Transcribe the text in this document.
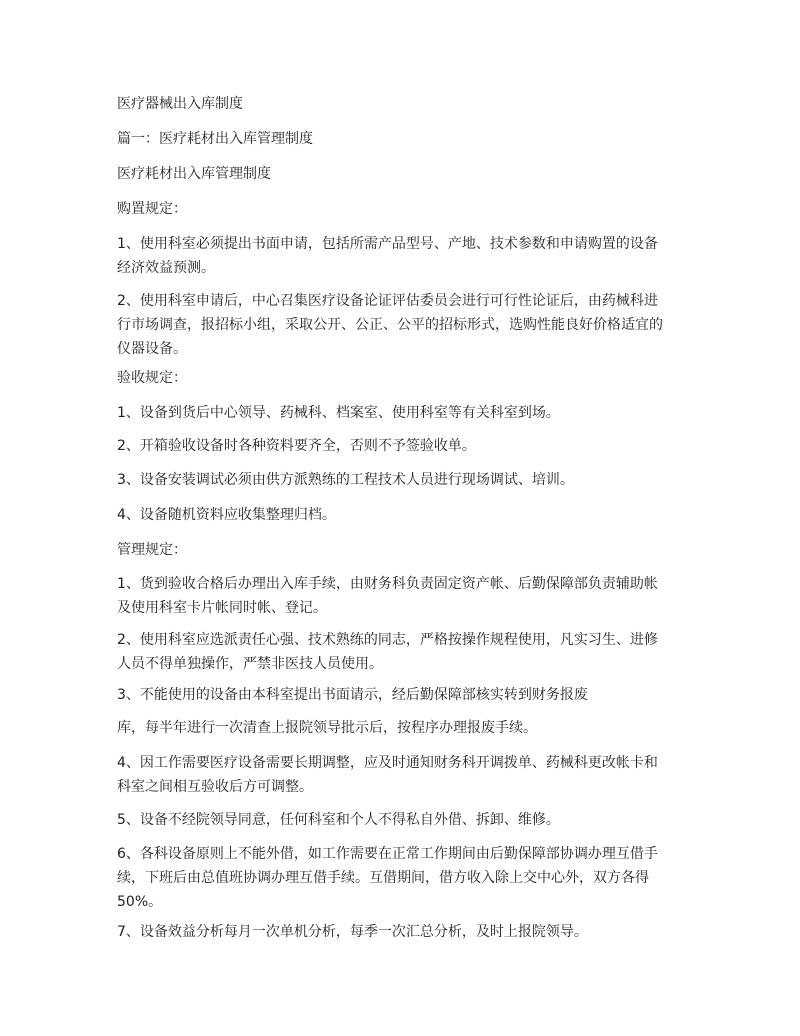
医疗器械出入库制度
篇一：医疗耗材出入库管理制度
医疗耗材出入库管理制度
购置规定：
1、使用科室必须提出书面申请，包括所需产品型号、产地、技术参数和申请购置的设备
经济效益预测。
2、使用科室申请后，中心召集医疗设备论证评估委员会进行可行性论证后，由药械科进
行市场调查，报招标小组，采取公开、公正、公平的招标形式，选购性能良好价格适宜的
仪器设备。
验收规定：
1、设备到货后中心领导、药械科、档案室、使用科室等有关科室到场。
2、开箱验收设备时各种资料要齐全，否则不予签验收单。
3、设备安装调试必须由供方派熟练的工程技术人员进行现场调试、培训。
4、设备随机资料应收集整理归档。
管理规定：
1、货到验收合格后办理出入库手续，由财务科负责固定资产帐、后勤保障部负责辅助帐
及使用科室卡片帐同时帐、登记。
2、使用科室应选派责任心强、技术熟练的同志，严格按操作规程使用，凡实习生、进修
人员不得单独操作，严禁非医技人员使用。
3、不能使用的设备由本科室提出书面请示，经后勤保障部核实转到财务报废
库，每半年进行一次清查上报院领导批示后，按程序办理报废手续。
4、因工作需要医疗设备需要长期调整，应及时通知财务科开调拨单、药械科更改帐卡和
科室之间相互验收后方可调整。
5、设备不经院领导同意，任何科室和个人不得私自外借、拆卸、维修。
6、各科设备原则上不能外借，如工作需要在正常工作期间由后勤保障部协调办理互借手
续，下班后由总值班协调办理互借手续。互借期间，借方收入除上交中心外，双方各得
50%。
7、设备效益分析每月一次单机分析，每季一次汇总分析，及时上报院领导。
